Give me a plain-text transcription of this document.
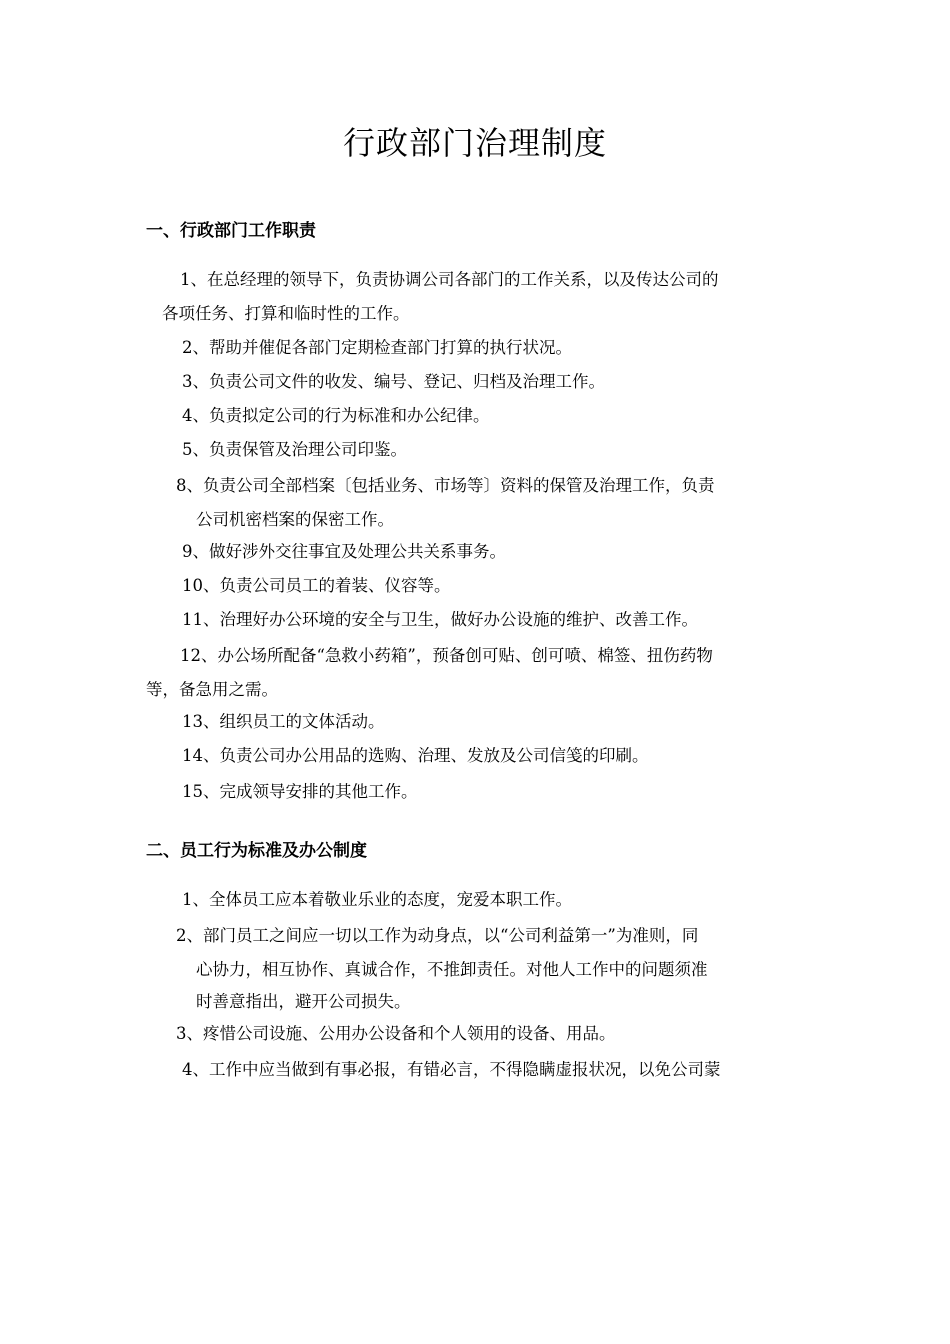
行政部门治理制度
一、行政部门工作职责

1、在总经理的领导下，负责协调公司各部门的工作关系，以及传达公司的

各项任务、打算和临时性的工作。

2、帮助并催促各部门定期检查部门打算的执行状况。

3、负责公司文件的收发、编号、登记、归档及治理工作。

4、负责拟定公司的行为标准和办公纪律。

5、负责保管及治理公司印鉴。

8、负责公司全部档案〔包括业务、市场等〕资料的保管及治理工作，负责

公司机密档案的保密工作。

9、做好涉外交往事宜及处理公共关系事务。

10、负责公司员工的着装、仪容等。

11、治理好办公环境的安全与卫生，做好办公设施的维护、改善工作。

12、办公场所配备“急救小药箱”，预备创可贴、创可喷、棉签、扭伤药物

等，备急用之需。

13、组织员工的文体活动。

14、负责公司办公用品的选购、治理、发放及公司信笺的印刷。

15、完成领导安排的其他工作。

二、员工行为标准及办公制度

1、全体员工应本着敬业乐业的态度，宠爱本职工作。

2、部门员工之间应一切以工作为动身点，以“公司利益第一”为准则，同

心协力，相互协作、真诚合作，不推卸责任。对他人工作中的问题须准

时善意指出，避开公司损失。

3、疼惜公司设施、公用办公设备和个人领用的设备、用品。

4、工作中应当做到有事必报，有错必言，不得隐瞒虚报状况，以免公司蒙
